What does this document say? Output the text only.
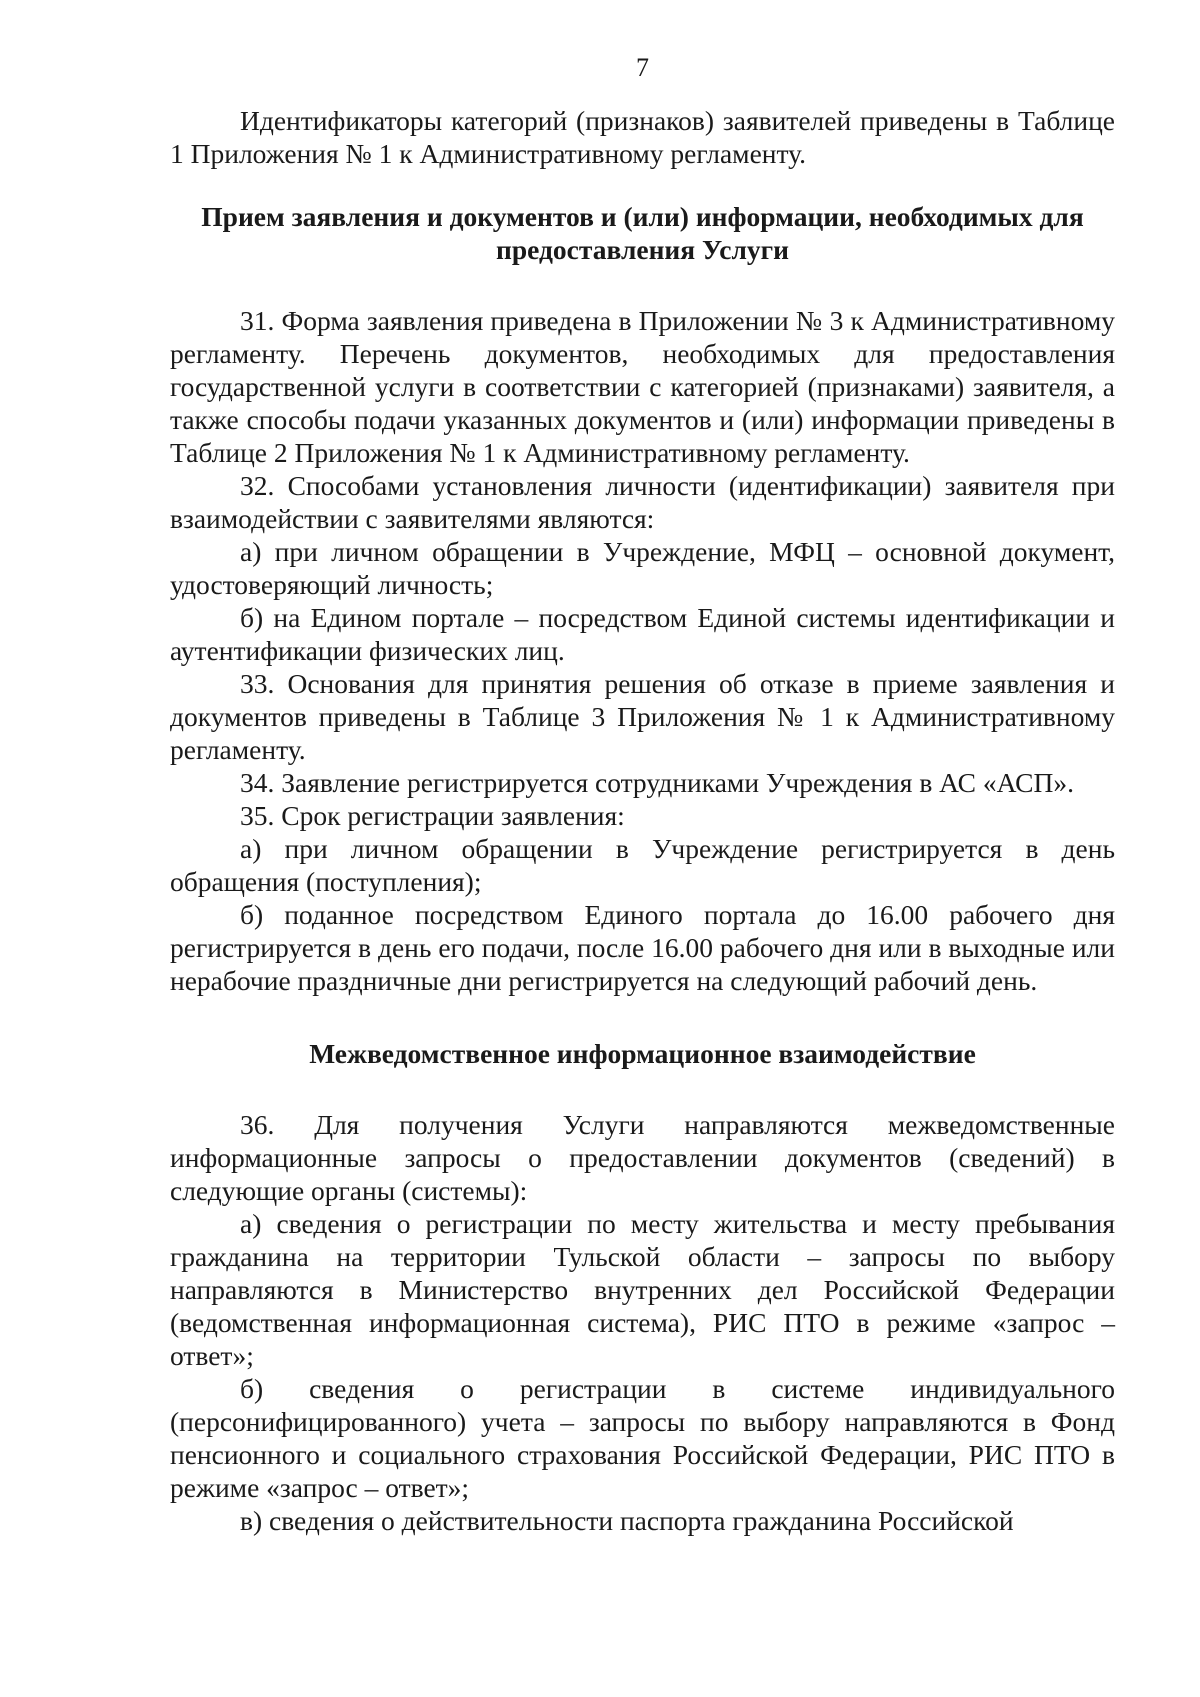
7

Идентификаторы категорий (признаков) заявителей приведены в Таблице 1 Приложения № 1 к Административному регламенту.

Прием заявления и документов и (или) информации, необходимых для предоставления Услуги

31. Форма заявления приведена в Приложении № 3 к Административному регламенту. Перечень документов, необходимых для предоставления государственной услуги в соответствии с категорией (признаками) заявителя, а также способы подачи указанных документов и (или) информации приведены в Таблице 2 Приложения № 1 к Административному регламенту.

32. Способами установления личности (идентификации) заявителя при взаимодействии с заявителями являются:

а) при личном обращении в Учреждение, МФЦ – основной документ, удостоверяющий личность;

б) на Едином портале – посредством Единой системы идентификации и аутентификации физических лиц.

33. Основания для принятия решения об отказе в приеме заявления и документов приведены в Таблице 3 Приложения № 1 к Административному регламенту.

34. Заявление регистрируется сотрудниками Учреждения в АС «АСП».

35. Срок регистрации заявления:

а) при личном обращении в Учреждение регистрируется в день обращения (поступления);

б) поданное посредством Единого портала до 16.00 рабочего дня регистрируется в день его подачи, после 16.00 рабочего дня или в выходные или нерабочие праздничные дни регистрируется на следующий рабочий день.

Межведомственное информационное взаимодействие

36. Для получения Услуги направляются межведомственные информационные запросы о предоставлении документов (сведений) в следующие органы (системы):

а) сведения о регистрации по месту жительства и месту пребывания гражданина на территории Тульской области – запросы по выбору направляются в Министерство внутренних дел Российской Федерации (ведомственная информационная система), РИС ПТО в режиме «запрос – ответ»;

б) сведения о регистрации в системе индивидуального (персонифицированного) учета – запросы по выбору направляются в Фонд пенсионного и социального страхования Российской Федерации, РИС ПТО в режиме «запрос – ответ»;

в) сведения о действительности паспорта гражданина Российской
